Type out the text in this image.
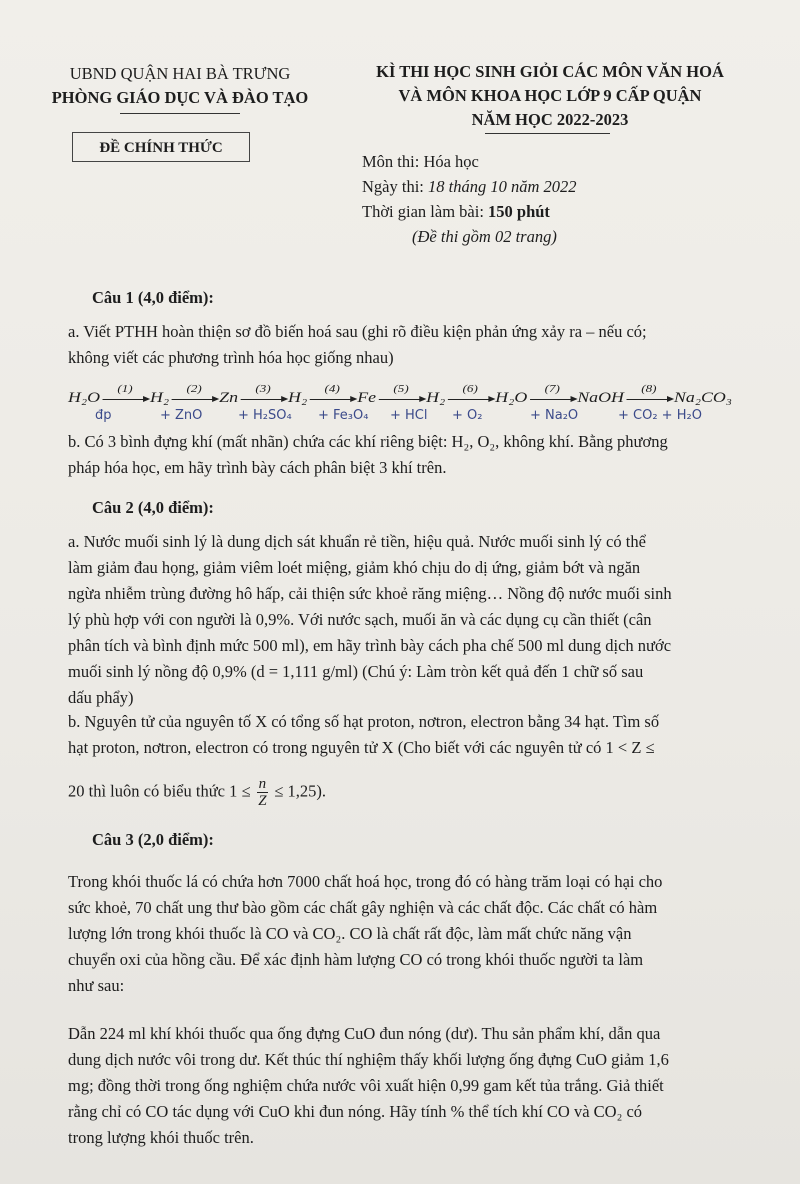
UBND QUẬN HAI BÀ TRƯNG
PHÒNG GIÁO DỤC VÀ ĐÀO TẠO
ĐỀ CHÍNH THỨC
KÌ THI HỌC SINH GIỎI CÁC MÔN VĂN HOÁ
VÀ MÔN KHOA HỌC LỚP 9 CẤP QUẬN
NĂM HỌC 2022-2023
Môn thi: Hóa học
Ngày thi: 18 tháng 10 năm 2022
Thời gian làm bài: 150 phút
(Đề thi gồm 02 trang)
Câu 1 (4,0 điểm):
a. Viết PTHH hoàn thiện sơ đồ biến hoá sau (ghi rõ điều kiện phản ứng xảy ra – nếu có;
không viết các phương trình hóa học giống nhau)
H₂O
(1)
H₂
(2)
Zn
(3)
H₂
(4)
Fe
(5)
H₂
(6)
H₂O
(7)
NaOH
(8)
Na₂CO₃
đp	+ ZnO	+ H₂SO₄ + Fe₃O₄ + HCl + O₂	+ Na₂O	+ CO₂ + H₂O
b. Có 3 bình đựng khí (mất nhãn) chứa các khí riêng biệt: H₂, O₂, không khí. Bằng phương
pháp hóa học, em hãy trình bày cách phân biệt 3 khí trên.
Câu 2 (4,0 điểm):
a. Nước muối sinh lý là dung dịch sát khuẩn rẻ tiền, hiệu quả. Nước muối sinh lý có thể
làm giảm đau họng, giảm viêm loét miệng, giảm khó chịu do dị ứng, giảm bớt và ngăn
ngừa nhiễm trùng đường hô hấp, cải thiện sức khoẻ răng miệng… Nồng độ nước muối sinh
lý phù hợp với con người là 0,9%. Với nước sạch, muối ăn và các dụng cụ cần thiết (cân
phân tích và bình định mức 500 ml), em hãy trình bày cách pha chế 500 ml dung dịch nước
muối sinh lý nồng độ 0,9% (d = 1,111 g/ml) (Chú ý: Làm tròn kết quả đến 1 chữ số sau
dấu phẩy)
b. Nguyên tử của nguyên tố X có tổng số hạt proton, nơtron, electron bằng 34 hạt. Tìm số
hạt proton, nơtron, electron có trong nguyên tử X (Cho biết với các nguyên tử có 1 < Z ≤
20 thì luôn có biểu thức $1 \le \frac{n}{Z} \le 1,25$).
Câu 3 (2,0 điểm):
Trong khói thuốc lá có chứa hơn 7000 chất hoá học, trong đó có hàng trăm loại có hại cho
sức khoẻ, 70 chất ung thư bào gồm các chất gây nghiện và các chất độc. Các chất có hàm
lượng lớn trong khói thuốc là CO và CO₂. CO là chất rất độc, làm mất chức năng vận
chuyển oxi của hồng cầu. Để xác định hàm lượng CO có trong khói thuốc người ta làm
như sau:
Dẫn 224 ml khí khói thuốc qua ống đựng CuO đun nóng (dư). Thu sản phẩm khí, dẫn qua
dung dịch nước vôi trong dư. Kết thúc thí nghiệm thấy khối lượng ống đựng CuO giảm 1,6
mg; đồng thời trong ống nghiệm chứa nước vôi xuất hiện 0,99 gam kết tủa trắng. Giả thiết
rằng chỉ có CO tác dụng với CuO khi đun nóng. Hãy tính % thể tích khí CO và CO₂ có
trong lượng khói thuốc trên.
